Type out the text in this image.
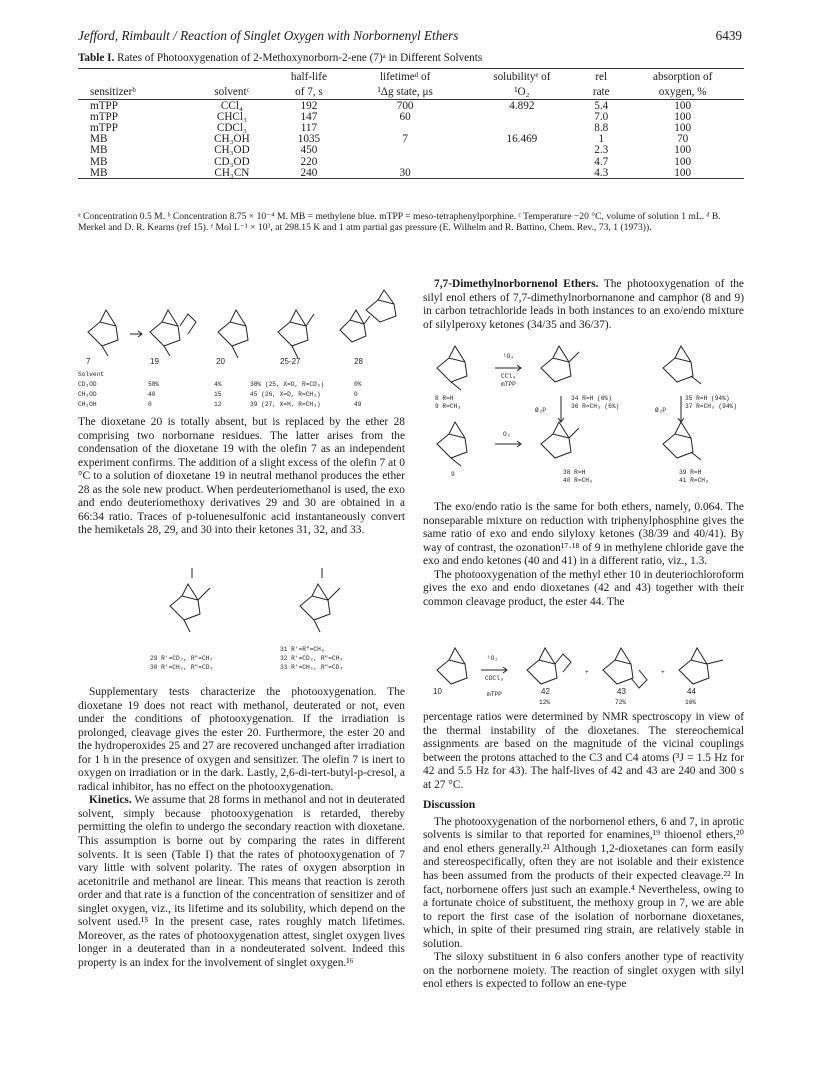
Jefford, Rimbault / Reaction of Singlet Oxygen with Norbornenyl Ethers	6439
Table I. Rates of Photooxygenation of 2-Methoxynorborn-2-ene (7)ᵃ in Different Solvents
		half-life	lifetimeᵈ of	solubilityᵉ of	rel	absorption of
sensitizerᵇ	solventᶜ	of 7, s	¹Δg state, μs	¹O₂	rate	oxygen, %
mTPP	CCl₄	192	700	4.892	5.4	100
mTPP	CHCl₃	147	60		7.0	100
mTPP	CDCl₃	117			8.8	100
MB	CH₃OH	1035	7	16.469	1	70
MB	CH₃OD	450			2.3	100
MB	CD₃OD	220			4.7	100
MB	CH₃CN	240	30		4.3	100
ᵃ Concentration 0.5 M. ᵇ Concentration 8.75 × 10⁻⁴ M. MB = methylene blue. mTPP = meso-tetraphenylporphine. ᶜ Temperature −20 °C, volume of solution 1 mL. ᵈ B. Merkel and D. R. Kearns (ref 15). ᵉ Mol L⁻¹ × 10³, at 298.15 K and 1 atm partial gas pressure (E. Wilhelm and R. Battino, Chem. Rev., 73, 1 (1973)).
7	19	20	25-27	28
Solvent
CD₃OD	58%	4%	38% (25, X=D, R=CD₃)	0%
CH₃OD	40	15	45 (26, X=D, R=CH₃)	0
CH₃OH	0	12	39 (27, X=H, R=CH₃)	49

The dioxetane 20 is totally absent, but is replaced by the ether 28 comprising two norbornane residues. The latter arises from the condensation of the dioxetane 19 with the olefin 7 as an independent experiment confirms. The addition of a slight excess of the olefin 7 at 0 °C to a solution of dioxetane 19 in neutral methanol produces the ether 28 as the sole new product. When perdeuteriomethanol is used, the exo and endo deuteriomethoxy derivatives 29 and 30 are obtained in a 66:34 ratio. Traces of p-toluenesulfonic acid instantaneously convert the hemiketals 28, 29, and 30 into their ketones 31, 32, and 33.

29 R'=CD₃, R"=CH₃
30 R'=CH₃, R"=CD₃
31 R'=R"=CH₃
32 R'=CD₃, R"=CH₃
33 R'=CH₃, R"=CD₃

Supplementary tests characterize the photooxygenation. The dioxetane 19 does not react with methanol, deuterated or not, even under the conditions of photooxygenation. If the irradiation is prolonged, cleavage gives the ester 20. Furthermore, the ester 20 and the hydroperoxides 25 and 27 are recovered unchanged after irradiation for 1 h in the presence of oxygen and sensitizer. The olefin 7 is inert to oxygen on irradiation or in the dark. Lastly, 2,6-di-tert-butyl-p-cresol, a radical inhibitor, has no effect on the photooxygenation.

Kinetics. We assume that 28 forms in methanol and not in deuterated solvent, simply because photooxygenation is retarded, thereby permitting the olefin to undergo the secondary reaction with dioxetane. This assumption is borne out by comparing the rates in different solvents. It is seen (Table I) that the rates of photooxygenation of 7 vary little with solvent polarity. The rates of oxygen absorption in acetonitrile and methanol are linear. This means that reaction is zeroth order and that rate is a function of the concentration of sensitizer and of singlet oxygen, viz., its lifetime and its solubility, which depend on the solvent used.¹⁵ In the present case, rates roughly match lifetimes. Moreover, as the rates of photooxygenation attest, singlet oxygen lives longer in a deuterated than in a nondeuterated solvent. Indeed this property is an index for the involvement of singlet oxygen.¹⁶

7,7-Dimethylnorbornenol Ethers. The photooxygenation of the silyl enol ethers of 7,7-dimethylnorbornanone and camphor (8 and 9) in carbon tetrachloride leads in both instances to an exo/endo mixture of silylperoxy ketones (34/35 and 36/37).

¹O₂
CCl₄
mTPP
Ø₃P	Ø₃P
O₃
8 R=H
9 R=CH₃
34 R=H (6%)
36 R=CH₃ (6%)
35 R=H (94%)
37 R=CH₃ (94%)
9	38 R=H
40 R=CH₃
39 R=H
41 R=CH₃

The exo/endo ratio is the same for both ethers, namely, 0.064. The nonseparable mixture on reduction with triphenylphosphine gives the same ratio of exo and endo silyloxy ketones (38/39 and 40/41). By way of contrast, the ozonation¹⁷·¹⁸ of 9 in methylene chloride gave the exo and endo ketones (40 and 41) in a different ratio, viz., 1.3.

The photooxygenation of the methyl ether 10 in deuteriochloroform gives the exo and endo dioxetanes (42 and 43) together with their common cleavage product, the ester 44. The

¹O₂
CDCl₃
mTPP
+	+
10	42	43	44
12%	72%	16%

percentage ratios were determined by NMR spectroscopy in view of the thermal instability of the dioxetanes. The stereochemical assignments are based on the magnitude of the vicinal couplings between the protons attached to the C3 and C4 atoms (³J = 1.5 Hz for 42 and 5.5 Hz for 43). The half-lives of 42 and 43 are 240 and 300 s at 27 °C.

Discussion

The photooxygenation of the norbornenol ethers, 6 and 7, in aprotic solvents is similar to that reported for enamines,¹⁹ thioenol ethers,²⁰ and enol ethers generally.²¹ Although 1,2-dioxetanes can form easily and stereospecifically, often they are not isolable and their existence has been assumed from the products of their expected cleavage.²² In fact, norbornene offers just such an example.⁴ Nevertheless, owing to a fortunate choice of substituent, the methoxy group in 7, we are able to report the first case of the isolation of norbornane dioxetanes, which, in spite of their presumed ring strain, are relatively stable in solution.

The siloxy substituent in 6 also confers another type of reactivity on the norbornene moiety. The reaction of singlet oxygen with silyl enol ethers is expected to follow an ene-type
